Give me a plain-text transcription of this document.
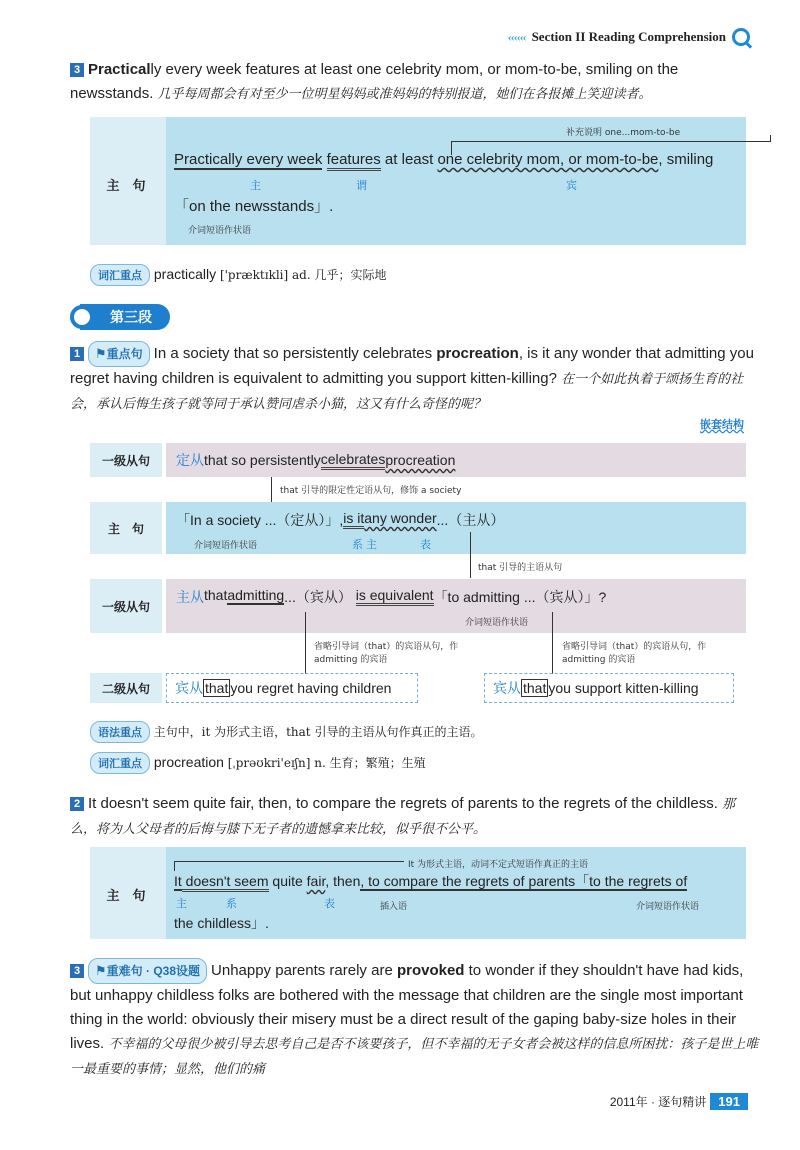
‹‹‹‹‹‹ Section II Reading Comprehension
3 Practically every week features at least one celebrity mom, or mom-to-be, smiling on the newsstands. 几乎每周都会有对至少一位明星妈妈或准妈妈的特别报道，她们在各报摊上笑迎读者。
主　句
补充说明 one...mom-to-be
Practically every week features at least one celebrity mom, or mom-to-be, smiling
主	谓	宾
「on the newsstands」.
介词短语作状语
词汇重点 practically ['præktɪkli] ad. 几乎；实际地
第三段
1 ⚑重点句 In a society that so persistently celebrates procreation, is it any wonder that admitting you regret having children is equivalent to admitting you support kitten-killing? 在一个如此执着于颂扬生育的社会，承认后悔生孩子就等同于承认赞同虐杀小猫，这又有什么奇怪的呢？
嵌套结构
一级从句	定从 that so persistently celebrates procreation
that 引导的限定性定语从句，修饰 a society
主　句
「In a society ...（定从）」, is it any wonder ...（主从）
介词短语作状语	系 主	表
that 引导的主语从句
一级从句
主从 that admitting ...（宾从）
is equivalent 「to admitting ...（宾从）」?
介词短语作状语
省略引导词（that）的宾语从句，作 admitting 的宾语
省略引导词（that）的宾语从句，作 admitting 的宾语
二级从句	宾从 that you regret having children	宾从 that you support kitten-killing
语法重点 主句中，it 为形式主语，that 引导的主语从句作真正的主语。
词汇重点 procreation [ˌprəʊkri'eɪʃn] n. 生育；繁殖；生殖
2 It doesn't seem quite fair, then, to compare the regrets of parents to the regrets of the childless. 那么，将为人父母者的后悔与膝下无子者的遗憾拿来比较，似乎很不公平。
主　句
It 为形式主语，动词不定式短语作真正的主语
It doesn't seem quite fair, then, to compare the regrets of parents「to the regrets of
主	系	表	插入语	介词短语作状语
the childless」.
3 ⚑重难句 · Q38设题 Unhappy parents rarely are provoked to wonder if they shouldn't have had kids, but unhappy childless folks are bothered with the message that children are the single most important thing in the world: obviously their misery must be a direct result of the gaping baby-size holes in their lives. 不幸福的父母很少被引导去思考自己是否不该要孩子，但不幸福的无子女者会被这样的信息所困扰：孩子是世上唯一最重要的事情；显然，他们的痛
2011年 · 逐句精讲 191
